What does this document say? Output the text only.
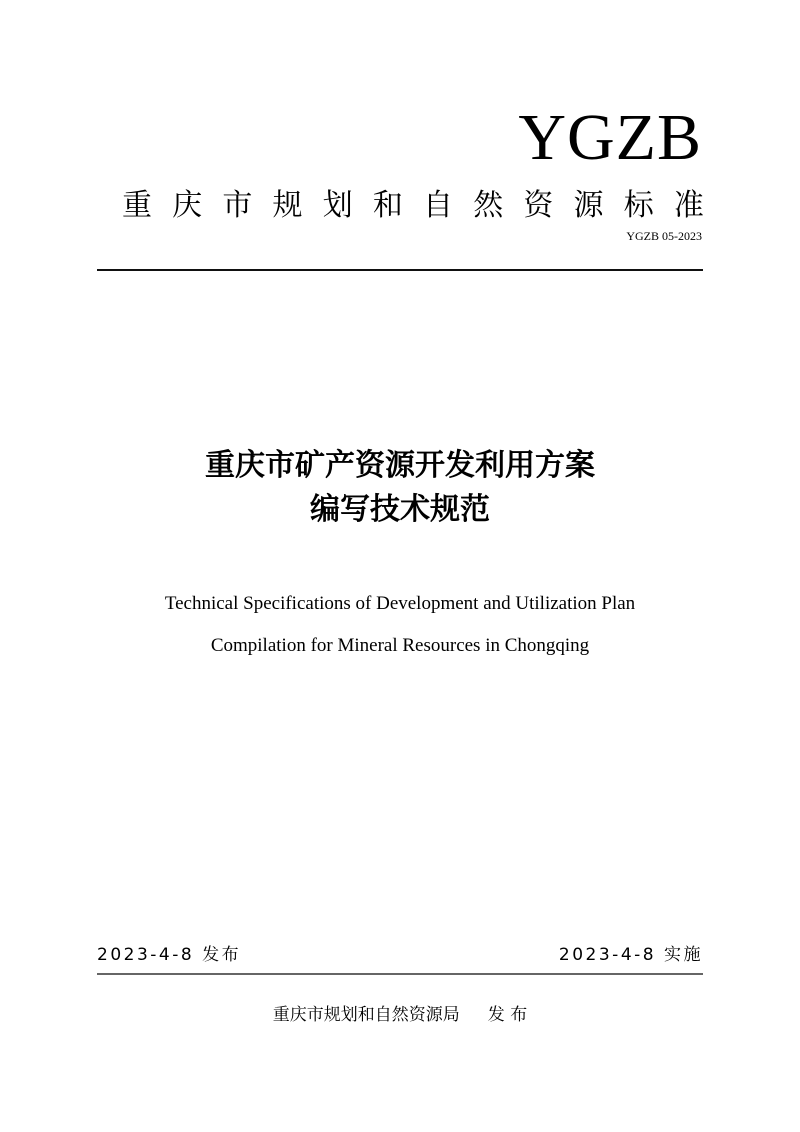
YGZB
重 庆 市 规 划 和 自 然 资 源 标 准
YGZB 05-2023
重庆市矿产资源开发利用方案
编写技术规范
Technical Specifications of Development and Utilization Plan
Compilation for Mineral Resources in Chongqing
2023-4-8 发布	2023-4-8 实施
重庆市规划和自然资源局 发 布
